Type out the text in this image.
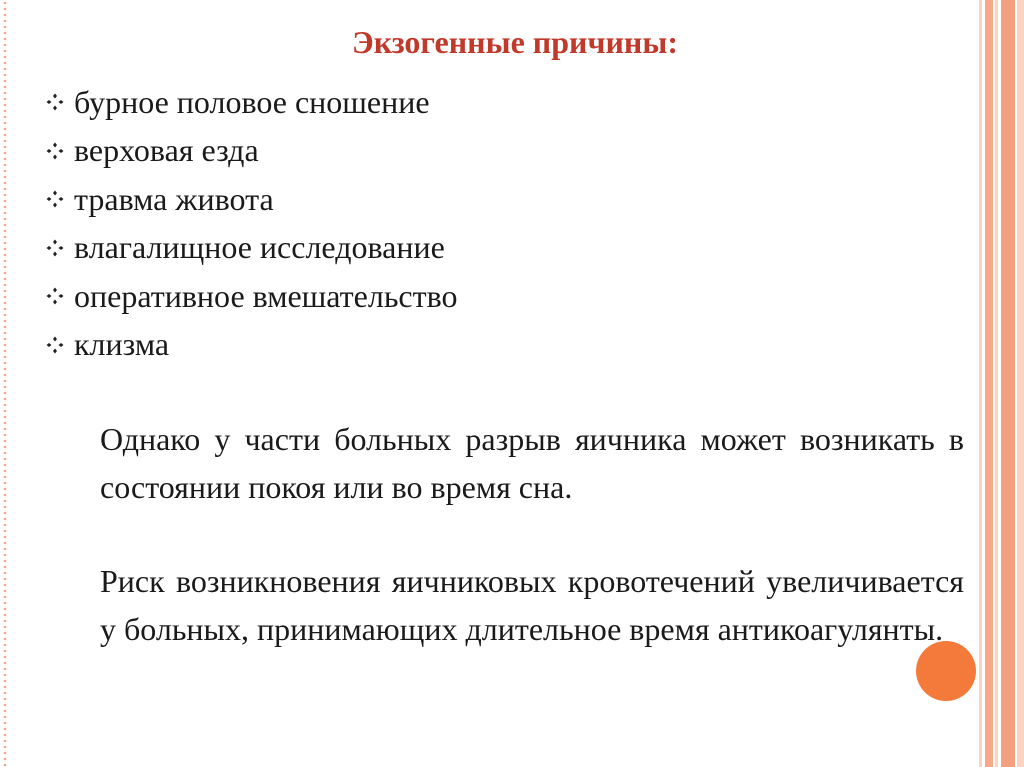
Экзогенные причины:
бурное половое сношение
верховая езда
травма живота
влагалищное исследование
оперативное вмешательство
клизма
Однако у части больных разрыв яичника может возникать в состоянии покоя или во время сна.
Риск возникновения яичниковых кровотечений увеличивается у больных, принимающих длительное время антикоагулянты.
